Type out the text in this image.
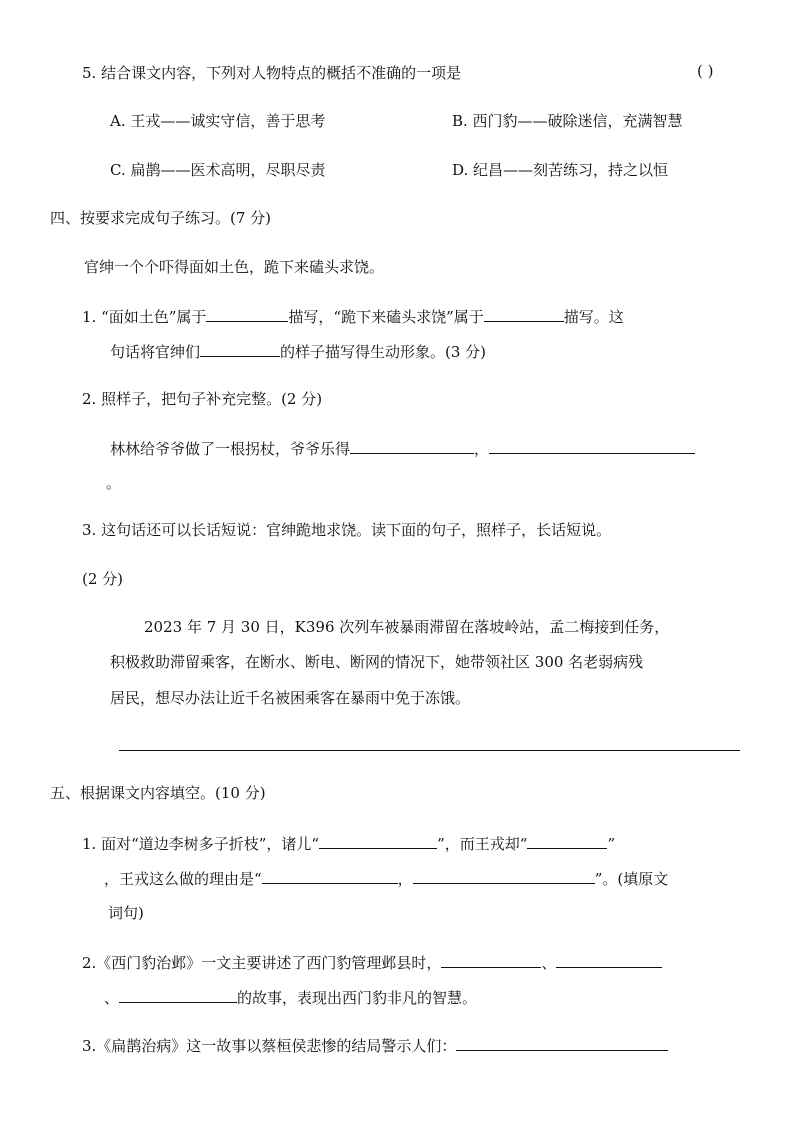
5. 结合课文内容，下列对人物特点的概括不准确的一项是	( )
A. 王戎——诚实守信，善于思考	B. 西门豹——破除迷信，充满智慧
C. 扁鹊——医术高明，尽职尽责	D. 纪昌——刻苦练习，持之以恒
四、按要求完成句子练习。(7 分)
官绅一个个吓得面如土色，跪下来磕头求饶。
1. “面如土色”属于	描写，“跪下来磕头求饶”属于	描写。这
句话将官绅们	的样子描写得生动形象。(3 分)
2. 照样子，把句子补充完整。(2 分)
林林给爷爷做了一根拐杖，爷爷乐得	，
。
3. 这句话还可以长话短说：官绅跪地求饶。读下面的句子，照样子，长话短说。
(2 分)
2023 年 7 月 30 日，K396 次列车被暴雨滞留在落坡岭站，孟二梅接到任务，
积极救助滞留乘客，在断水、断电、断网的情况下，她带领社区 300 名老弱病残
居民，想尽办法让近千名被困乘客在暴雨中免于冻饿。
五、根据课文内容填空。(10 分)
1. 面对“道边李树多子折枝”，诸儿“	”，而王戎却“	”
，王戎这么做的理由是“	，	”。(填原文
词句)
2.《西门豹治邺》一文主要讲述了西门豹管理邺县时，	、
、	的故事，表现出西门豹非凡的智慧。
3.《扁鹊治病》这一故事以蔡桓侯悲惨的结局警示人们：
